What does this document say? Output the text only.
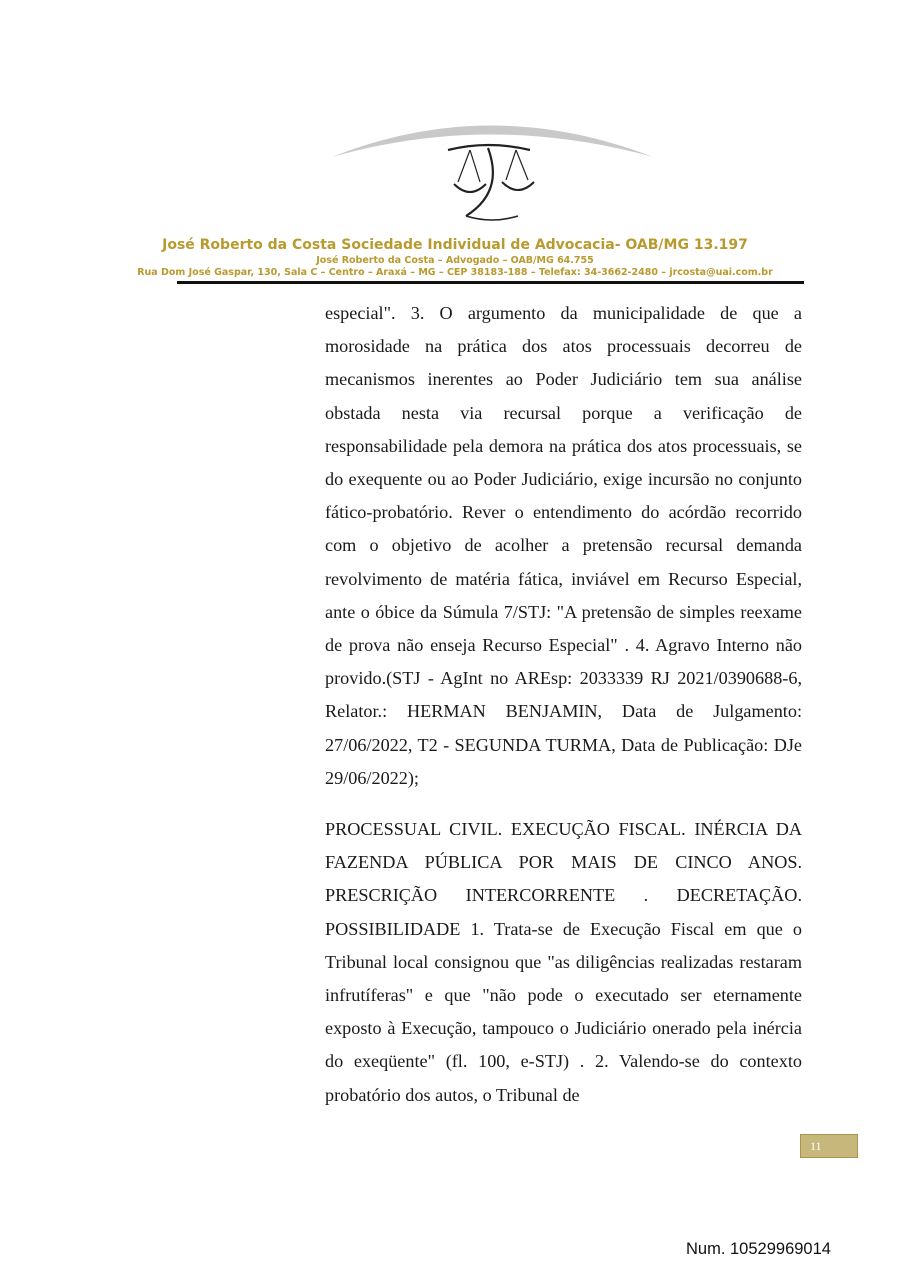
José Roberto da Costa Sociedade Individual de Advocacia- OAB/MG 13.197
José Roberto da Costa – Advogado – OAB/MG 64.755
Rua Dom José Gaspar, 130, Sala C – Centro – Araxá – MG – CEP 38183-188 – Telefax: 34-3662-2480 – jrcosta@uai.com.br

especial". 3. O argumento da municipalidade de que a morosidade na prática dos atos processuais decorreu de mecanismos inerentes ao Poder Judiciário tem sua análise obstada nesta via recursal porque a verificação de responsabilidade pela demora na prática dos atos processuais, se do exequente ou ao Poder Judiciário, exige incursão no conjunto fático-probatório. Rever o entendimento do acórdão recorrido com o objetivo de acolher a pretensão recursal demanda revolvimento de matéria fática, inviável em Recurso Especial, ante o óbice da Súmula 7/STJ: "A pretensão de simples reexame de prova não enseja Recurso Especial" . 4. Agravo Interno não provido.(STJ - AgInt no AREsp: 2033339 RJ 2021/0390688-6, Relator.: HERMAN BENJAMIN, Data de Julgamento: 27/06/2022, T2 - SEGUNDA TURMA, Data de Publicação: DJe 29/06/2022);

PROCESSUAL CIVIL. EXECUÇÃO FISCAL. INÉRCIA DA FAZENDA PÚBLICA POR MAIS DE CINCO ANOS. PRESCRIÇÃO INTERCORRENTE . DECRETAÇÃO. POSSIBILIDADE 1. Trata-se de Execução Fiscal em que o Tribunal local consignou que "as diligências realizadas restaram infrutíferas" e que "não pode o executado ser eternamente exposto à Execução, tampouco o Judiciário onerado pela inércia do exeqüente" (fl. 100, e-STJ) . 2. Valendo-se do contexto probatório dos autos, o Tribunal de

11
Num. 10529969014
